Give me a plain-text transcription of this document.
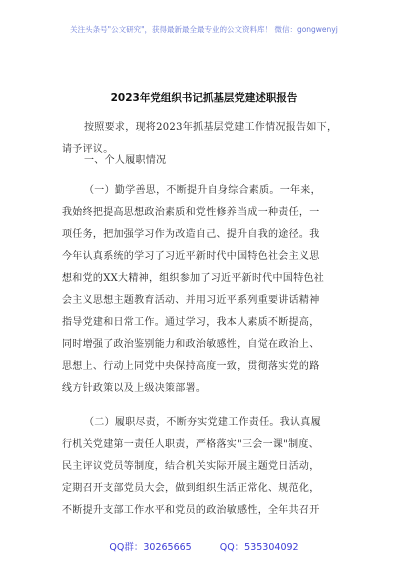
关注头条号"公文研究"，获得最新最全最专业的公文资料库！ 微信：gongwenyj
2023年党组织书记抓基层党建述职报告
按照要求，现将2023年抓基层党建工作情况报告如下，
请予评议。
一、个人履职情况
（一）勤学善思，不断提升自身综合素质。一年来，
我始终把提高思想政治素质和党性修养当成一种责任，一
项任务，把加强学习作为改造自己、提升自我的途径。我
今年认真系统的学习了习近平新时代中国特色社会主义思
想和党的XX大精神，组织参加了习近平新时代中国特色社
会主义思想主题教育活动、并用习近平系列重要讲话精神
指导党建和日常工作。通过学习，我本人素质不断提高，
同时增强了政治鉴别能力和政治敏感性，自觉在政治上、
思想上、行动上同党中央保持高度一致，贯彻落实党的路
线方针政策以及上级决策部署。
（二）履职尽责，不断夯实党建工作责任。我认真履
行机关党建第一责任人职责，严格落实"三会一课"制度、
民主评议党员等制度，结合机关实际开展主题党日活动，
定期召开支部党员大会，做到组织生活正常化、规范化，
不断提升支部工作水平和党员的政治敏感性，全年共召开
QQ群：30265665	QQ：535304092
